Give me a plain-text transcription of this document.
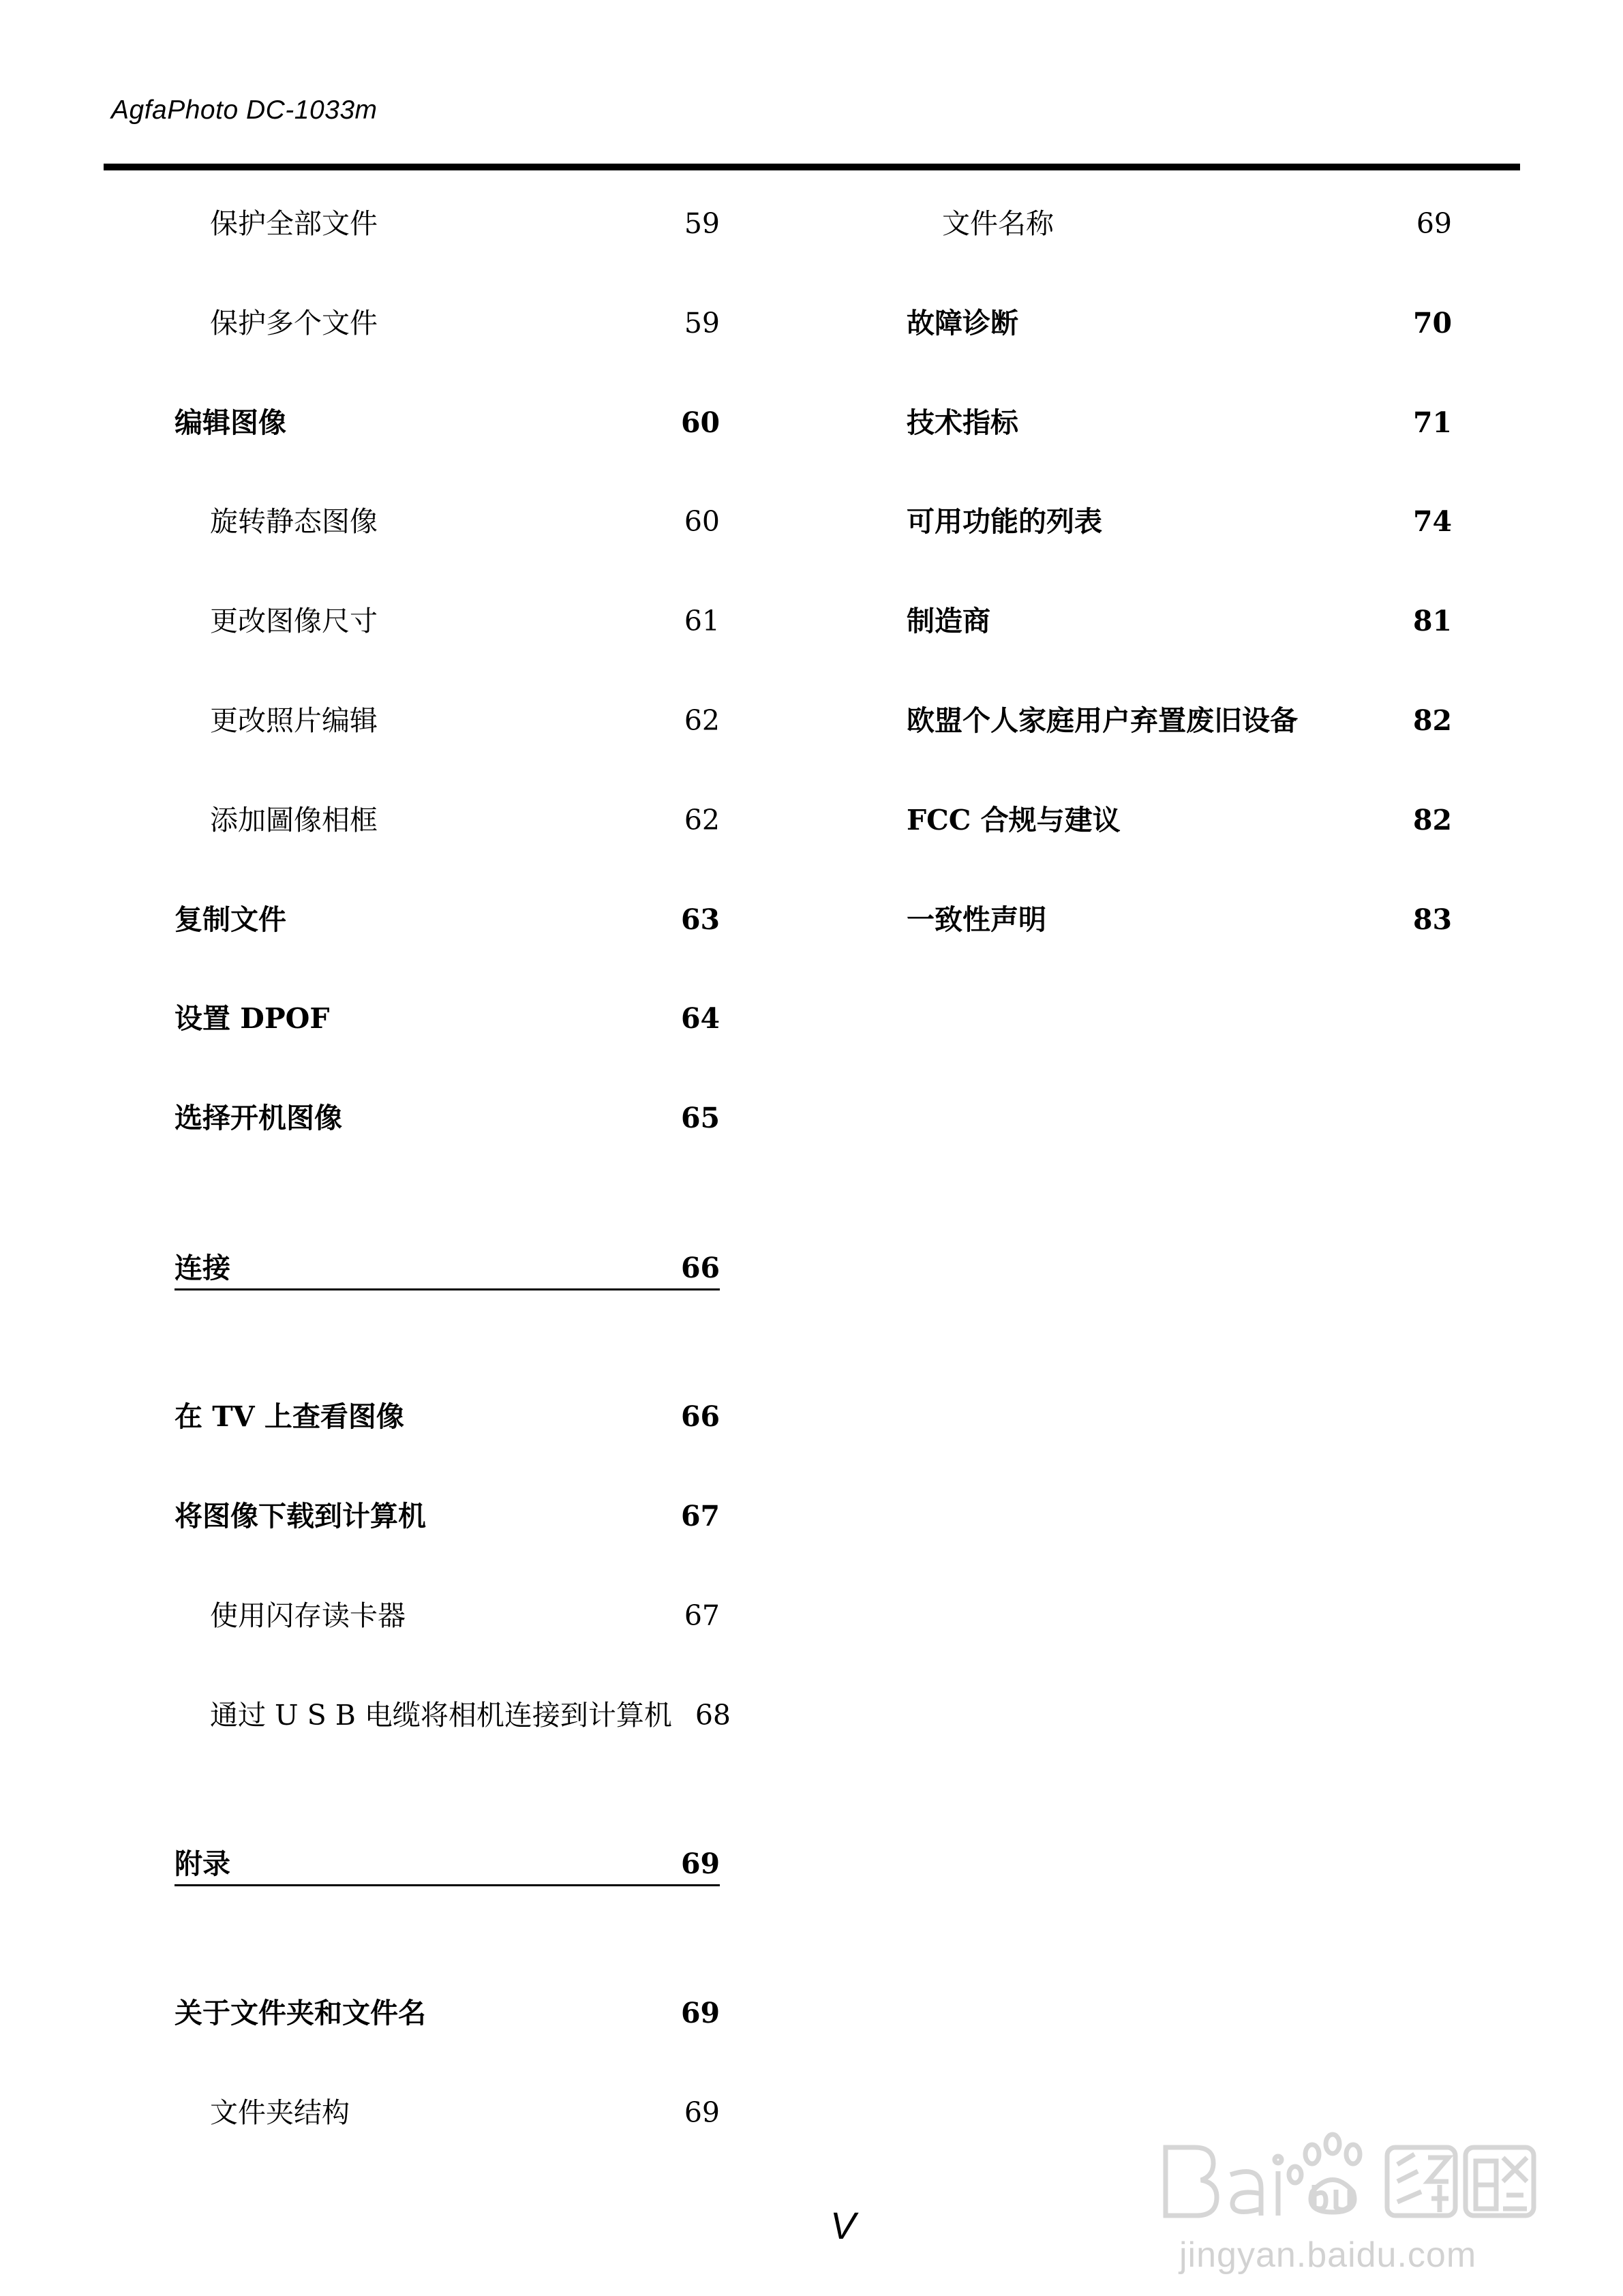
AgfaPhoto DC-1033m
保护全部文件	59
保护多个文件	59
编辑图像	60
旋转静态图像	60
更改图像尺寸	61
更改照片编辑	62
添加圖像相框	62
复制文件	63
设置 DPOF	64
选择开机图像	65
连接	66
在 TV 上查看图像	66
将图像下载到计算机	67
使用闪存读卡器	67
通过 U S B 电缆将相机连接到计算机 68
附录	69
关于文件夹和文件名	69
文件夹结构	69
文件名称	69
故障诊断	70
技术指标	71
可用功能的列表	74
制造商	81
欧盟个人家庭用户弃置废旧设备	82
FCC 合规与建议	82
一致性声明	83
V
jingyan.baidu.com
